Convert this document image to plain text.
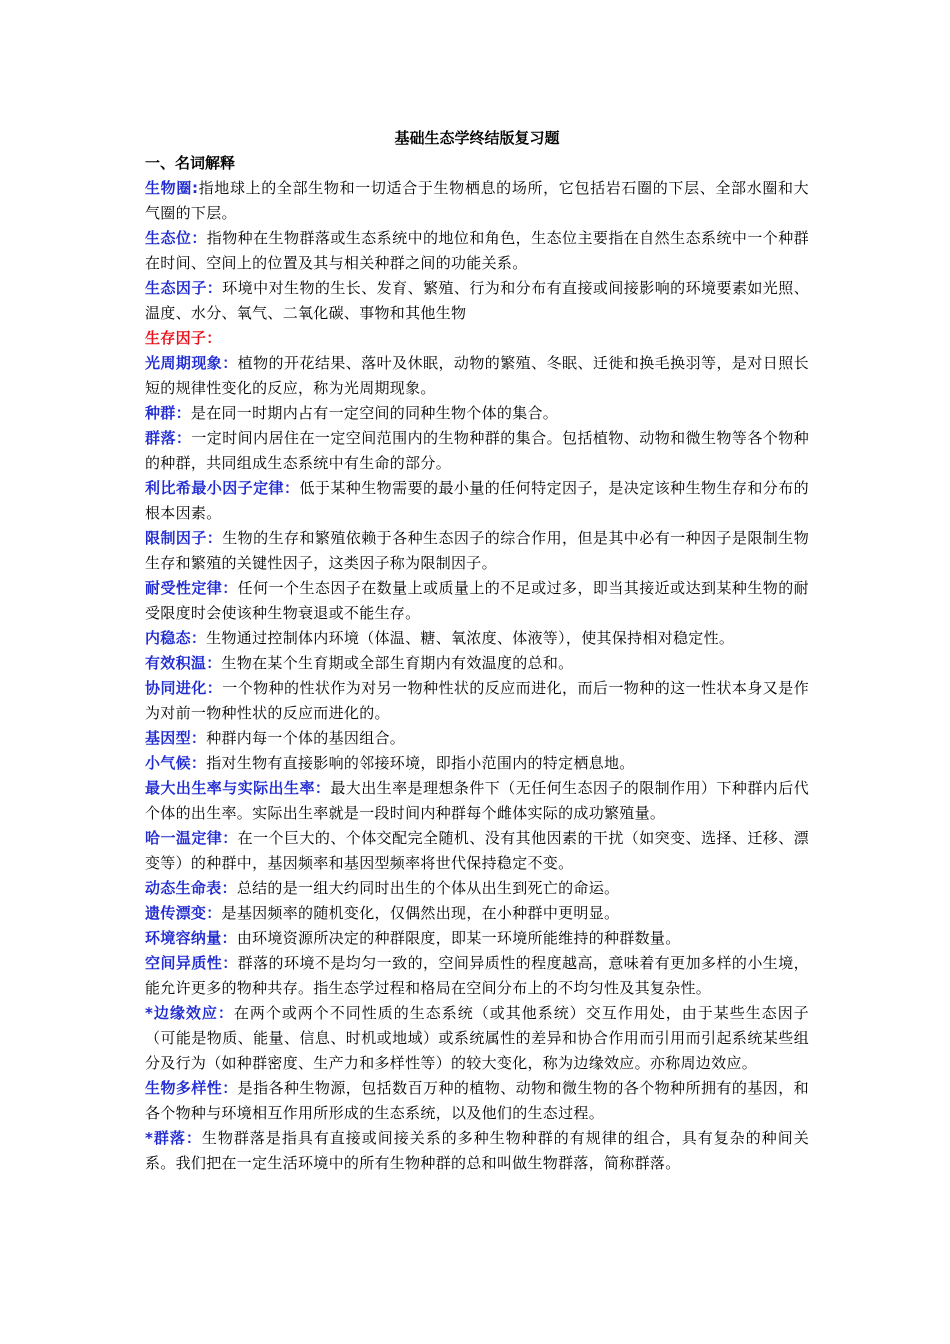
基础生态学终结版复习题
一、名词解释

生物圈:指地球上的全部生物和一切适合于生物栖息的场所，它包括岩石圈的下层、全部水圈和大气圈的下层。

生态位：指物种在生物群落或生态系统中的地位和角色，生态位主要指在自然生态系统中一个种群在时间、空间上的位置及其与相关种群之间的功能关系。

生态因子：环境中对生物的生长、发育、繁殖、行为和分布有直接或间接影响的环境要素如光照、温度、水分、氧气、二氧化碳、事物和其他生物

生存因子：

光周期现象：植物的开花结果、落叶及休眠，动物的繁殖、冬眠、迁徙和换毛换羽等，是对日照长短的规律性变化的反应，称为光周期现象。

种群：是在同一时期内占有一定空间的同种生物个体的集合。

群落：一定时间内居住在一定空间范围内的生物种群的集合。包括植物、动物和微生物等各个物种的种群，共同组成生态系统中有生命的部分。

利比希最小因子定律：低于某种生物需要的最小量的任何特定因子，是决定该种生物生存和分布的根本因素。

限制因子：生物的生存和繁殖依赖于各种生态因子的综合作用，但是其中必有一种因子是限制生物生存和繁殖的关键性因子，这类因子称为限制因子。

耐受性定律：任何一个生态因子在数量上或质量上的不足或过多，即当其接近或达到某种生物的耐受限度时会使该种生物衰退或不能生存。

内稳态：生物通过控制体内环境（体温、糖、氧浓度、体液等），使其保持相对稳定性。

有效积温：生物在某个生育期或全部生育期内有效温度的总和。

协同进化：一个物种的性状作为对另一物种性状的反应而进化，而后一物种的这一性状本身又是作为对前一物种性状的反应而进化的。

基因型：种群内每一个体的基因组合。

小气候：指对生物有直接影响的邻接环境，即指小范围内的特定栖息地。

最大出生率与实际出生率：最大出生率是理想条件下（无任何生态因子的限制作用）下种群内后代个体的出生率。实际出生率就是一段时间内种群每个雌体实际的成功繁殖量。

哈一温定律：在一个巨大的、个体交配完全随机、没有其他因素的干扰（如突变、选择、迁移、漂变等）的种群中，基因频率和基因型频率将世代保持稳定不变。

动态生命表：总结的是一组大约同时出生的个体从出生到死亡的命运。

遗传漂变：是基因频率的随机变化，仅偶然出现，在小种群中更明显。

环境容纳量：由环境资源所决定的种群限度，即某一环境所能维持的种群数量。

空间异质性：群落的环境不是均匀一致的，空间异质性的程度越高，意味着有更加多样的小生境，能允许更多的物种共存。指生态学过程和格局在空间分布上的不均匀性及其复杂性。

*边缘效应：在两个或两个不同性质的生态系统（或其他系统）交互作用处，由于某些生态因子（可能是物质、能量、信息、时机或地域）或系统属性的差异和协合作用而引用而引起系统某些组分及行为（如种群密度、生产力和多样性等）的较大变化，称为边缘效应。亦称周边效应。

生物多样性：是指各种生物源，包括数百万种的植物、动物和微生物的各个物种所拥有的基因，和各个物种与环境相互作用所形成的生态系统，以及他们的生态过程。

*群落：生物群落是指具有直接或间接关系的多种生物种群的有规律的组合，具有复杂的种间关系。我们把在一定生活环境中的所有生物种群的总和叫做生物群落，简称群落。
